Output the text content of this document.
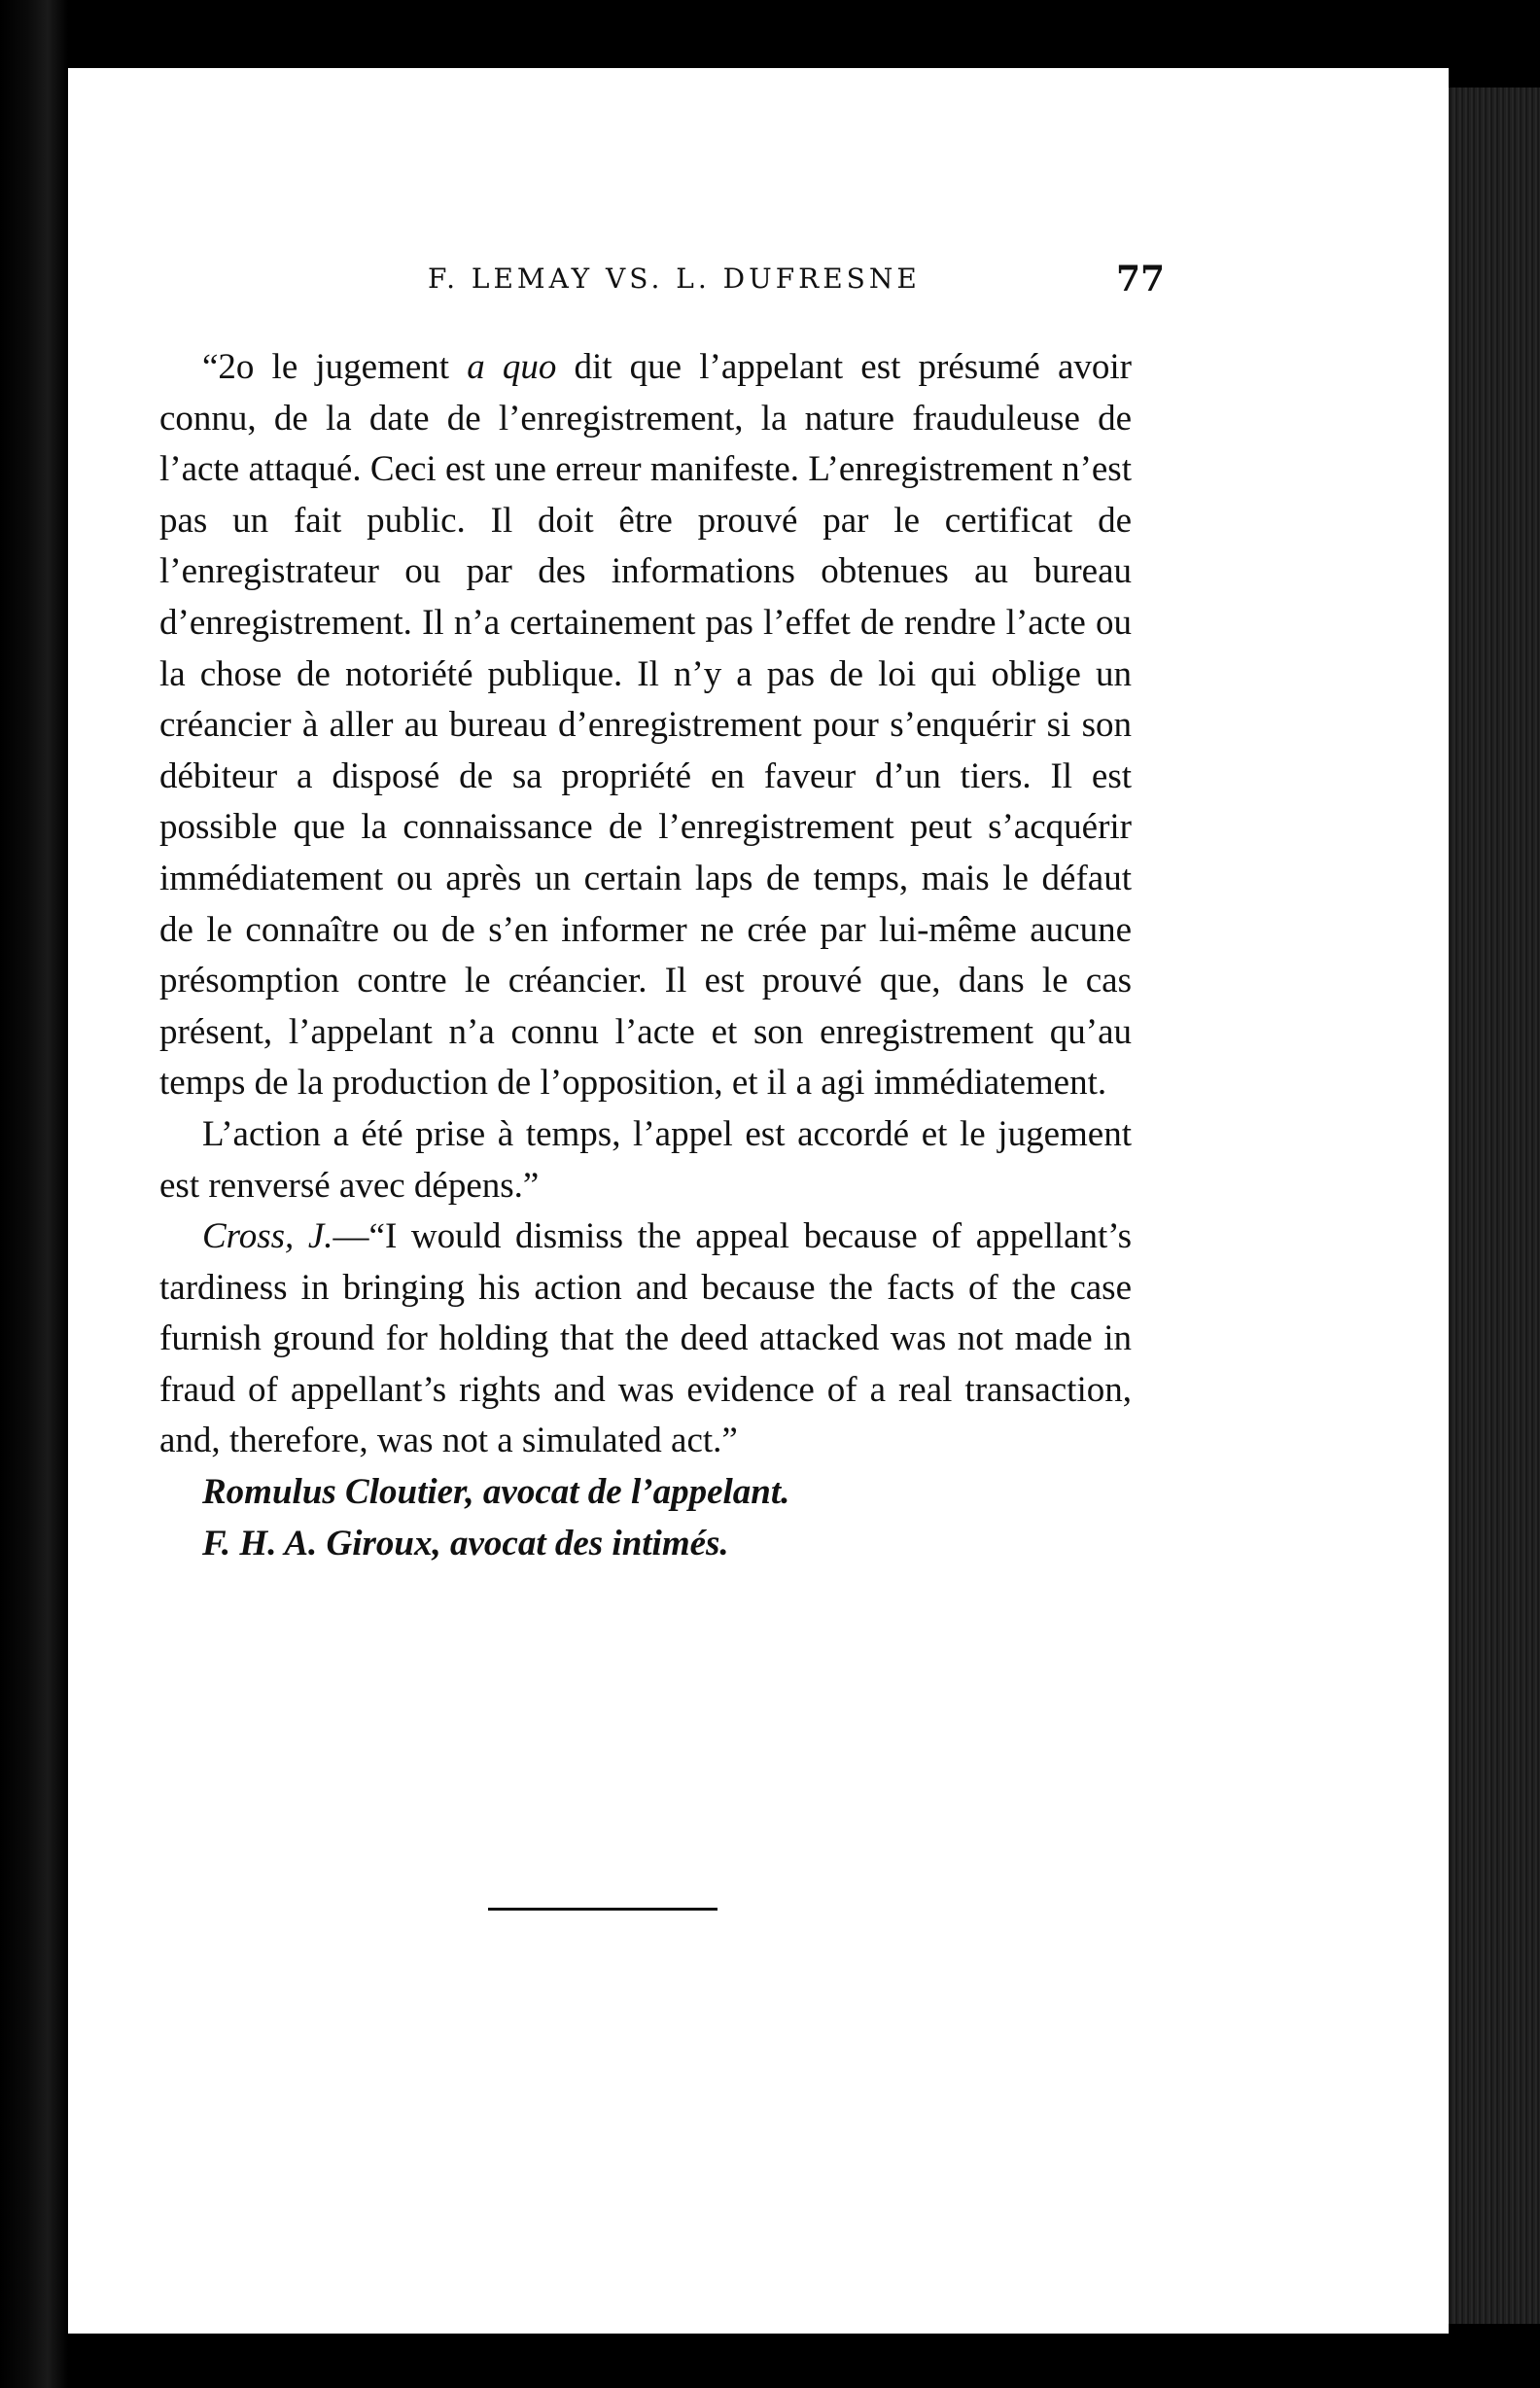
F. LEMAY VS. L. DUFRESNE	77

“2o le jugement a quo dit que l’appelant est présumé avoir connu, de la date de l’enregistrement, la nature frauduleuse de l’acte attaqué. Ceci est une erreur manifeste. L’enregistrement n’est pas un fait public. Il doit être prouvé par le certificat de l’enregistrateur ou par des informations obtenues au bureau d’enregistrement. Il n’a certainement pas l’effet de rendre l’acte ou la chose de notoriété publique. Il n’y a pas de loi qui oblige un créancier à aller au bureau d’enregistrement pour s’enquérir si son débiteur a disposé de sa propriété en faveur d’un tiers. Il est possible que la connaissance de l’enregistrement peut s’acquérir immédiatement ou après un certain laps de temps, mais le défaut de le connaître ou de s’en informer ne crée par lui-même aucune présomption contre le créancier. Il est prouvé que, dans le cas présent, l’appelant n’a connu l’acte et son enregistrement qu’au temps de la production de l’opposition, et il a agi immédiatement.

L’action a été prise à temps, l’appel est accordé et le jugement est renversé avec dépens.”

Cross, J.—“I would dismiss the appeal because of appellant’s tardiness in bringing his action and because the facts of the case furnish ground for holding that the deed attacked was not made in fraud of appellant’s rights and was evidence of a real transaction, and, therefore, was not a simulated act.”

Romulus Cloutier, avocat de l’appelant.

F. H. A. Giroux, avocat des intimés.
